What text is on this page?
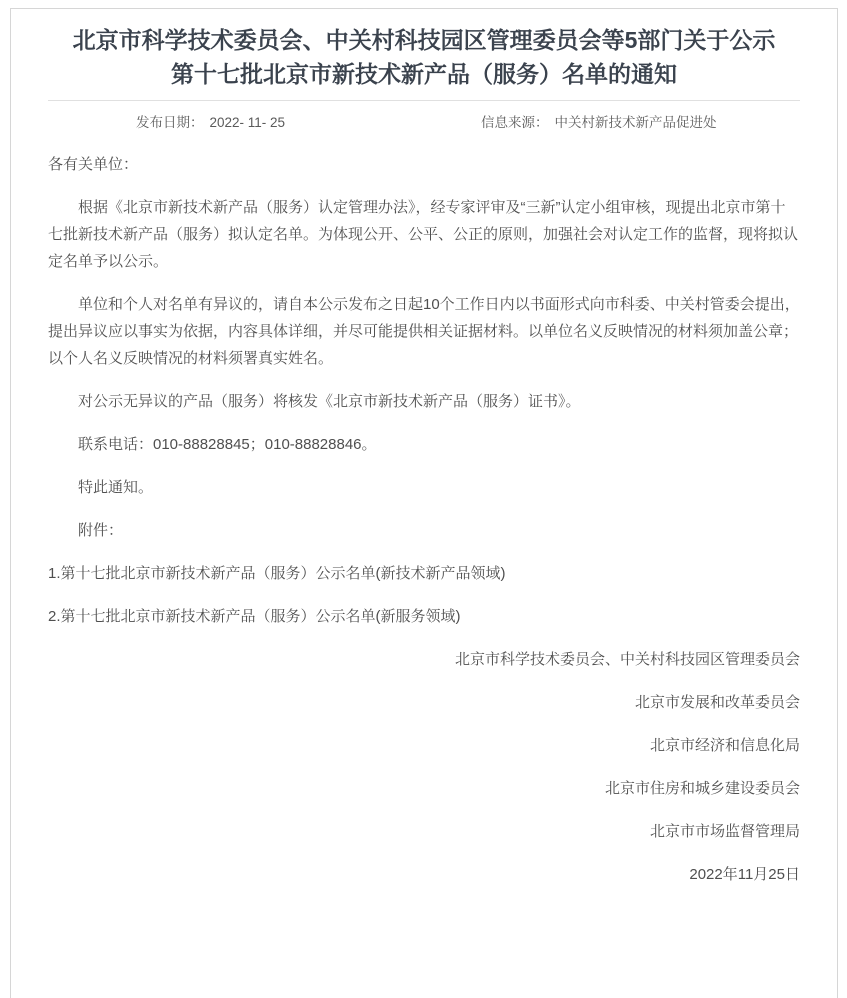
北京市科学技术委员会、中关村科技园区管理委员会等5部门关于公示
第十七批北京市新技术新产品（服务）名单的通知
发布日期： 2022- 11- 25	信息来源： 中关村新技术新产品促进处

各有关单位：

根据《北京市新技术新产品（服务）认定管理办法》，经专家评审及“三新”认定小组审核，现提出北京市第十七批新技术新产品（服务）拟认定名单。为体现公开、公平、公正的原则，加强社会对认定工作的监督，现将拟认定名单予以公示。

单位和个人对名单有异议的，请自本公示发布之日起10个工作日内以书面形式向市科委、中关村管委会提出，提出异议应以事实为依据，内容具体详细，并尽可能提供相关证据材料。以单位名义反映情况的材料须加盖公章；以个人名义反映情况的材料须署真实姓名。

对公示无异议的产品（服务）将核发《北京市新技术新产品（服务）证书》。

联系电话：010-88828845；010-88828846。

特此通知。

附件：

1.第十七批北京市新技术新产品（服务）公示名单(新技术新产品领域)

2.第十七批北京市新技术新产品（服务）公示名单(新服务领域)

北京市科学技术委员会、中关村科技园区管理委员会

北京市发展和改革委员会

北京市经济和信息化局

北京市住房和城乡建设委员会

北京市市场监督管理局

2022年11月25日
